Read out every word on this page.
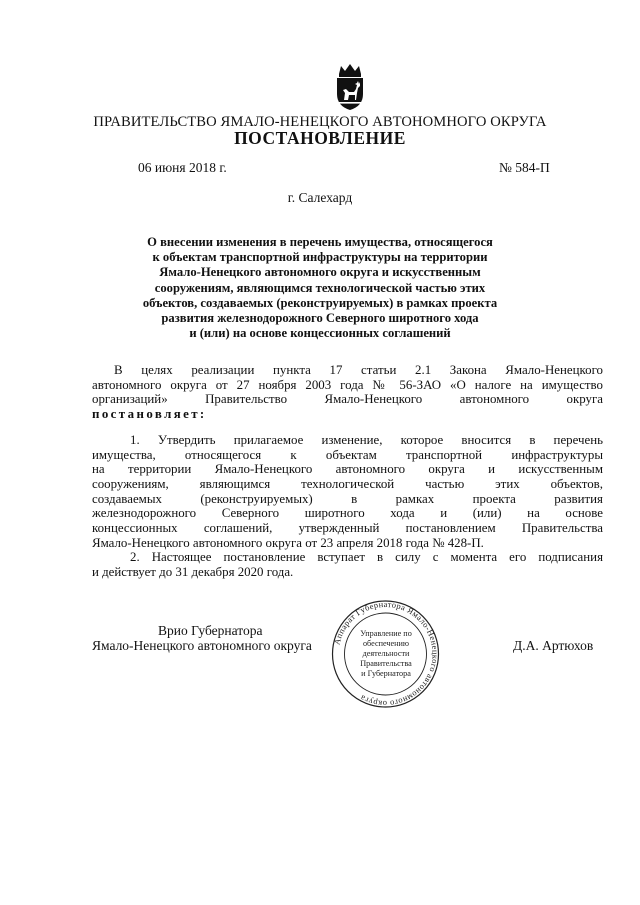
ПРАВИТЕЛЬСТВО ЯМАЛО-НЕНЕЦКОГО АВТОНОМНОГО ОКРУГА
ПОСТАНОВЛЕНИЕ
06 июня 2018 г.	№ 584-П
г. Салехард
О внесении изменения в перечень имущества, относящегося
к объектам транспортной инфраструктуры на территории
Ямало-Ненецкого автономного округа и искусственным
сооружениям, являющимся технологической частью этих
объектов, создаваемых (реконструируемых) в рамках проекта
развития железнодорожного Северного широтного хода
и (или) на основе концессионных соглашений
В целях реализации пункта 17 статьи 2.1 Закона Ямало-Ненецкого
автономного округа от 27 ноября 2003 года № 56-ЗАО «О налоге на имущество
организаций» Правительство Ямало-Ненецкого автономного округа
постановляет:
1. Утвердить прилагаемое изменение, которое вносится в перечень
имущества, относящегося к объектам транспортной инфраструктуры
на территории Ямало-Ненецкого автономного округа и искусственным
сооружениям, являющимся технологической частью этих объектов,
создаваемых (реконструируемых) в рамках проекта развития
железнодорожного Северного широтного хода и (или) на основе
концессионных соглашений, утвержденный постановлением Правительства
Ямало-Ненецкого автономного округа от 23 апреля 2018 года № 428-П.
2. Настоящее постановление вступает в силу с момента его подписания
и действует до 31 декабря 2020 года.
Врио Губернатора
Ямало-Ненецкого автономного округа	Д.А. Артюхов
Аппарат Губернатора Ямало-Ненецкого автономного округа
Управление по
обеспечению
деятельности
Правительства
и Губернатора
